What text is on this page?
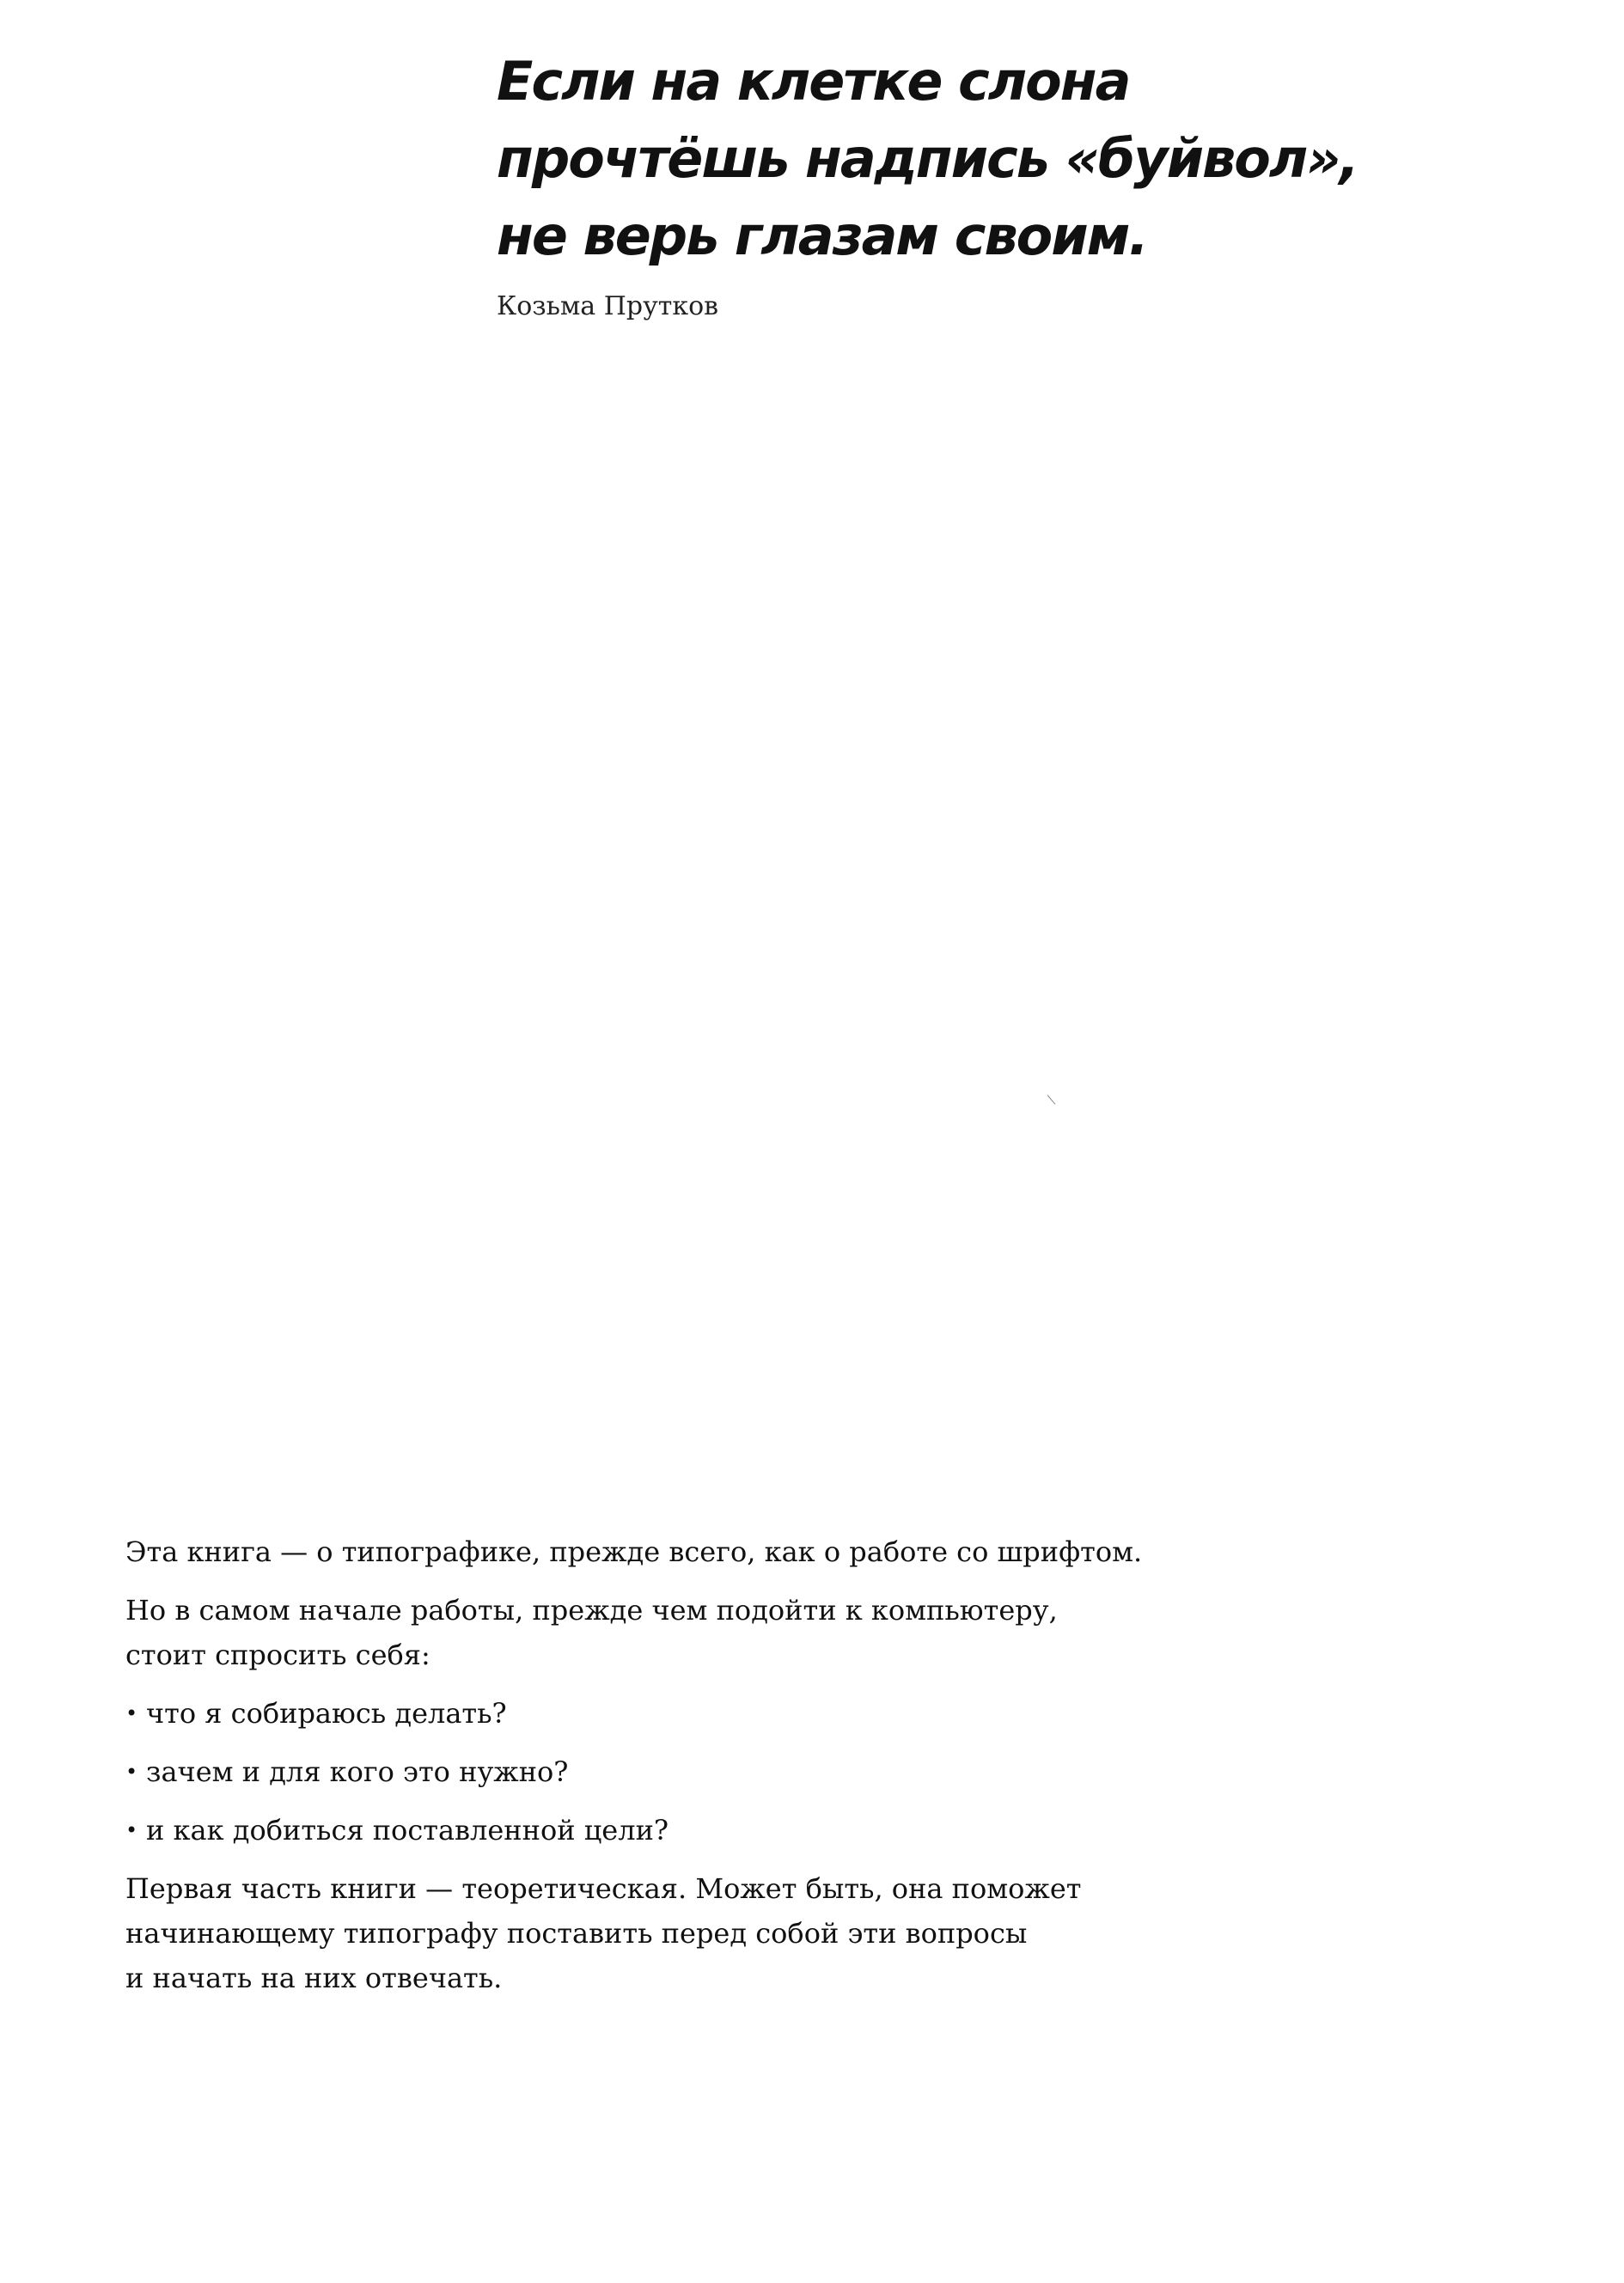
Если на клетке слона
прочтёшь надпись «буйвол»,
не верь глазам своим.

Козьма Прутков

Эта книга — о типографике, прежде всего, как о работе со шрифтом.

Но в самом начале работы, прежде чем подойти к компьютеру,
стоит спросить себя:

• что я собираюсь делать?
• зачем и для кого это нужно?
• и как добиться поставленной цели?

Первая часть книги — теоретическая. Может быть, она поможет
начинающему типографу поставить перед собой эти вопросы
и начать на них отвечать.
